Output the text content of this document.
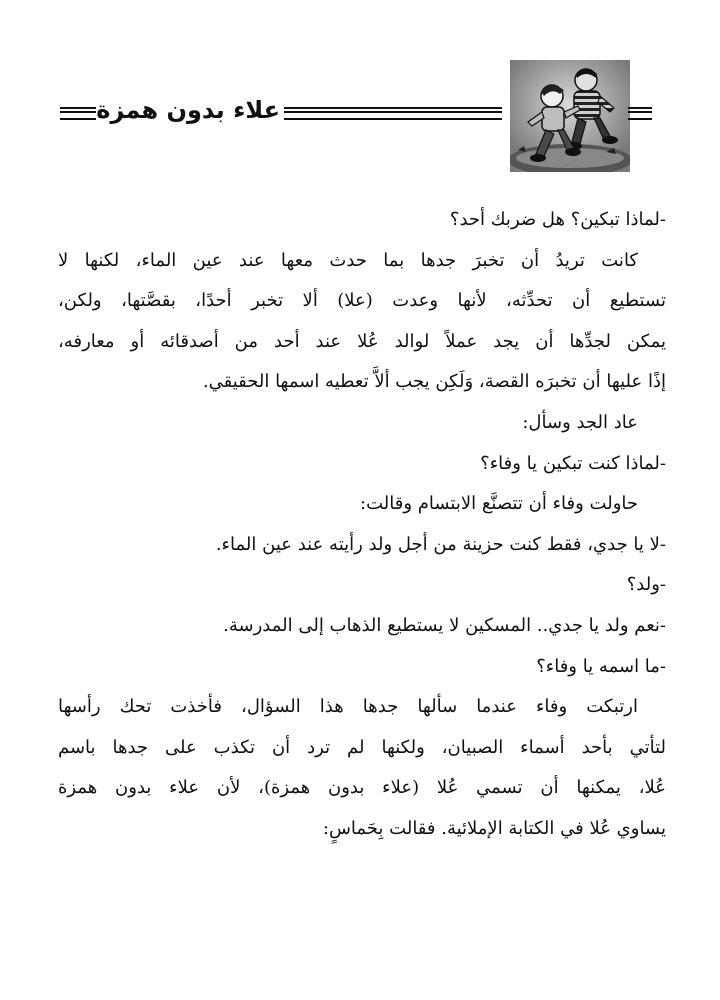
علاء بدون همزة
-لماذا تبكين؟ هل ضربك أحد؟
كانت تريدُ أن تخبرَ جدها بما حدث معها عند عين الماء، لكنها لا
تستطيع أن تحدِّثه، لأنها وعدت (علا) ألا تخبر أحدًا، بقصَّتها، ولكن،
يمكن لجدِّها أن يجد عملاً لوالد عُلا عند أحد من أصدقائه أو معارفه،
إذًا عليها أن تخبرَه القصة، وَلَكِن يجب ألاَّ تعطيه اسمها الحقيقي.
عاد الجد وسأل:
-لماذا كنت تبكين يا وفاء؟
حاولت وفاء أن تتصنَّع الابتسام وقالت:
-لا يا جدي، فقط كنت حزينة من أجل ولد رأيته عند عين الماء.
-ولد؟
-نعم ولد يا جدي.. المسكين لا يستطيع الذهاب إلى المدرسة.
-ما اسمه يا وفاء؟
ارتبكت وفاء عندما سألها جدها هذا السؤال، فأخذت تحك رأسها
لتأتي بأحد أسماء الصبيان، ولكنها لم ترد أن تكذب على جدها باسم
عُلا، يمكنها أن تسمي عُلا (علاء بدون همزة)، لأن علاء بدون همزة
يساوي عُلا في الكتابة الإملائية. فقالت بِحَماسٍ:
